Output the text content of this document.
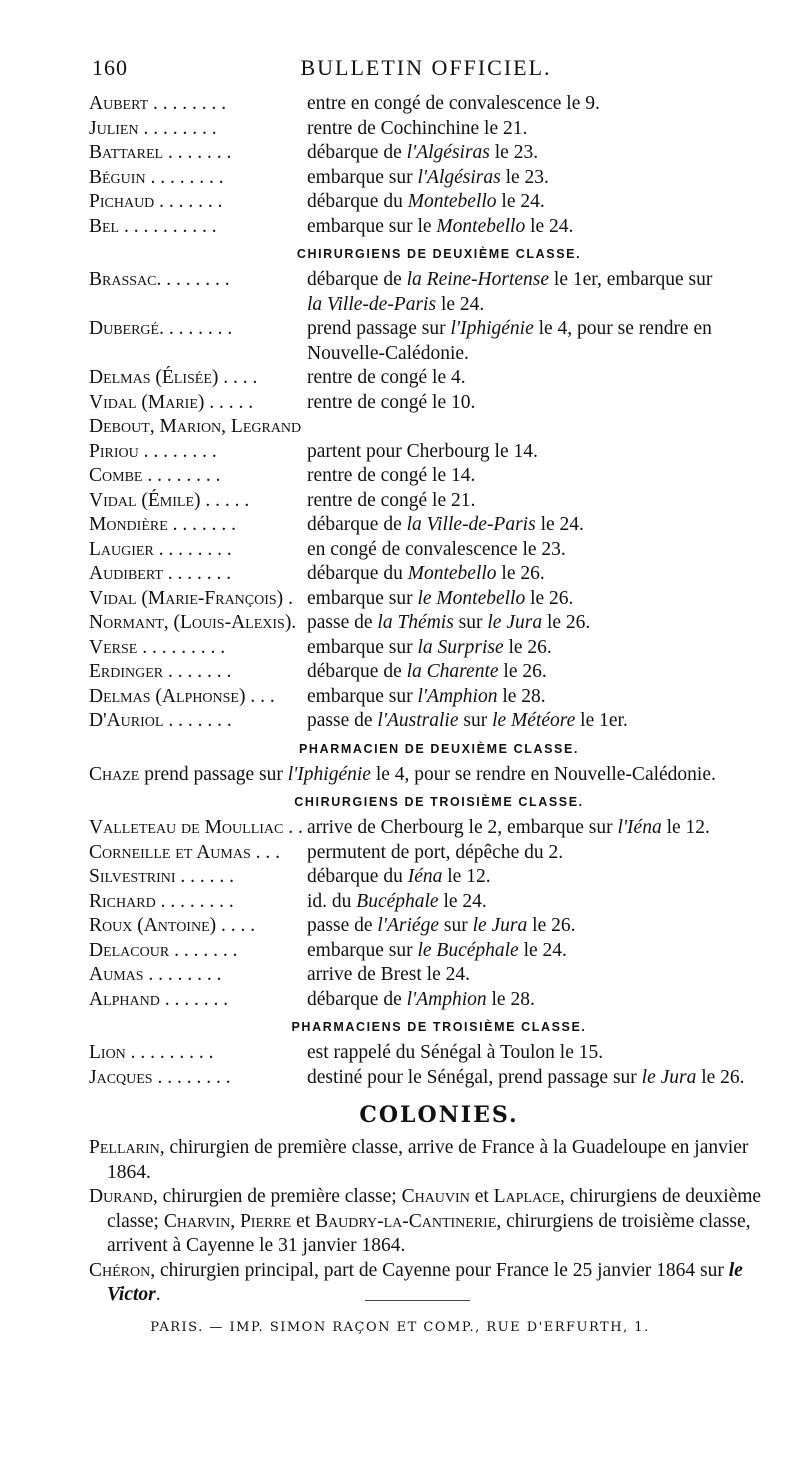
160	BULLETIN OFFICIEL.
Aubert . . . . . . . .	entre en congé de convalescence le 9.
Julien . . . . . . . .	rentre de Cochinchine le 21.
Battarel . . . . . . .	débarque de l'Algésiras le 23.
Béguin . . . . . . . .	embarque sur l'Algésiras le 23.
Pichaud . . . . . . .	débarque du Montebello le 24.
Bel . . . . . . . . . .	embarque sur le Montebello le 24.
CHIRURGIENS DE DEUXIÈME CLASSE.
Brassac. . . . . . . .	débarque de la Reine-Hortense le 1er, embarque sur
la Ville-de-Paris le 24.
Dubergé. . . . . . . .	prend passage sur l'Iphigénie le 4, pour se rendre en
Nouvelle-Calédonie.
Delmas (Élisée) . . . .	rentre de congé le 4.
Vidal (Marie) . . . . .	rentre de congé le 10.
Debout, Marion, Legrand
Piriou . . . . . . . .	partent pour Cherbourg le 14.
Combe . . . . . . . .	rentre de congé le 14.
Vidal (Émile) . . . . .	rentre de congé le 21.
Mondière . . . . . . .	débarque de la Ville-de-Paris le 24.
Laugier . . . . . . . .	en congé de convalescence le 23.
Audibert . . . . . . .	débarque du Montebello le 26.
Vidal (Marie-François) . embarque sur le Montebello le 26.
Normant, (Louis-Alexis). passe de la Thémis sur le Jura le 26.
Verse . . . . . . . . .	embarque sur la Surprise le 26.
Erdinger . . . . . . .	débarque de la Charente le 26.
Delmas (Alphonse) . . .	embarque sur l'Amphion le 28.
D'Auriol . . . . . . .	passe de l'Australie sur le Météore le 1er.
PHARMACIEN DE DEUXIÈME CLASSE.
Chaze prend passage sur l'Iphigénie le 4, pour se rendre en Nouvelle-Calédonie.
CHIRURGIENS DE TROISIÈME CLASSE.
Valleteau de Moulliac . . arrive de Cherbourg le 2, embarque sur l'Iéna le 12.
Corneille et Aumas . . .	permutent de port, dépêche du 2.
Silvestrini . . . . . .	débarque du Iéna le 12.
Richard . . . . . . . .	id. du Bucéphale le 24.
Roux (Antoine) . . . .	passe de l'Ariége sur le Jura le 26.
Delacour . . . . . . .	embarque sur le Bucéphale le 24.
Aumas . . . . . . . .	arrive de Brest le 24.
Alphand . . . . . . .	débarque de l'Amphion le 28.
PHARMACIENS DE TROISIÈME CLASSE.
Lion . . . . . . . . .	est rappelé du Sénégal à Toulon le 15.
Jacques . . . . . . . .	destiné pour le Sénégal, prend passage sur le Jura le 26.
COLONIES.
Pellarin, chirurgien de première classe, arrive de France à la Guadeloupe en janvier 1864.
Durand, chirurgien de première classe; Chauvin et Laplace, chirurgiens de deuxième classe; Charvin, Pierre et Baudry-la-Cantinerie, chirurgiens de troisième classe, arrivent à Cayenne le 31 janvier 1864.
Chéron, chirurgien principal, part de Cayenne pour France le 25 janvier 1864 sur le Victor.
PARIS. — IMP. SIMON RAÇON ET COMP., RUE D'ERFURTH, 1.
